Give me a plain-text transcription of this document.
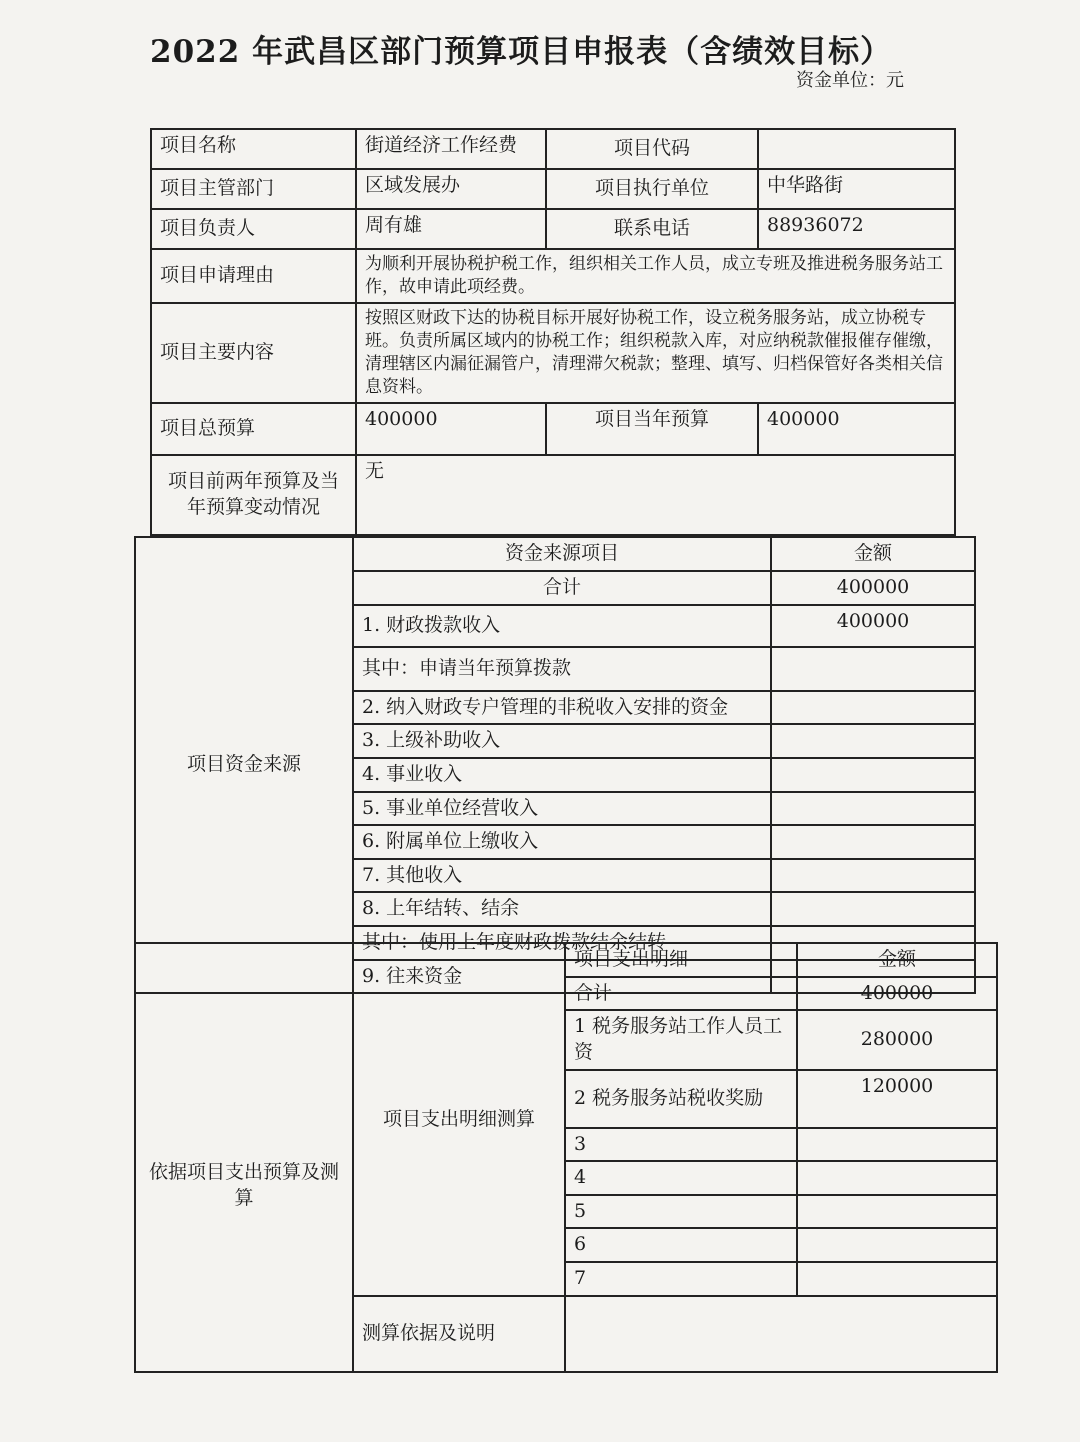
2022 年武昌区部门预算项目申报表（含绩效目标）
资金单位：元
项目名称	街道经济工作经费	项目代码	
项目主管部门	区域发展办	项目执行单位	中华路街
项目负责人	周有雄	联系电话	88936072
项目申请理由	为顺利开展协税护税工作，组织相关工作人员，成立专班及推进税务服务站工作，故申请此项经费。		
项目主要内容	按照区财政下达的协税目标开展好协税工作，设立税务服务站，成立协税专班。负责所属区域内的协税工作；组织税款入库，对应纳税款催报催存催缴，清理辖区内漏征漏管户，清理滞欠税款；整理、填写、归档保管好各类相关信息资料。		
项目总预算	400000	项目当年预算	400000
项目前两年预算及当年预算变动情况	无		
项目资金来源	资金来源项目	金额
	合计	400000
	1. 财政拨款收入	400000
	其中：申请当年预算拨款	
	2. 纳入财政专户管理的非税收入安排的资金	
	3. 上级补助收入	
	4. 事业收入	
	5. 事业单位经营收入	
	6. 附属单位上缴收入	
	7. 其他收入	
	8. 上年结转、结余	
	其中：使用上年度财政拨款结余结转	
	9. 往来资金	
依据项目支出预算及测算	项目支出明细测算	项目支出明细	金额
		合计	400000
		1 税务服务站工作人员工资	280000
		2 税务服务站税收奖励	120000
		3	
		4	
		5	
		6	
		7	
	测算依据及说明		
